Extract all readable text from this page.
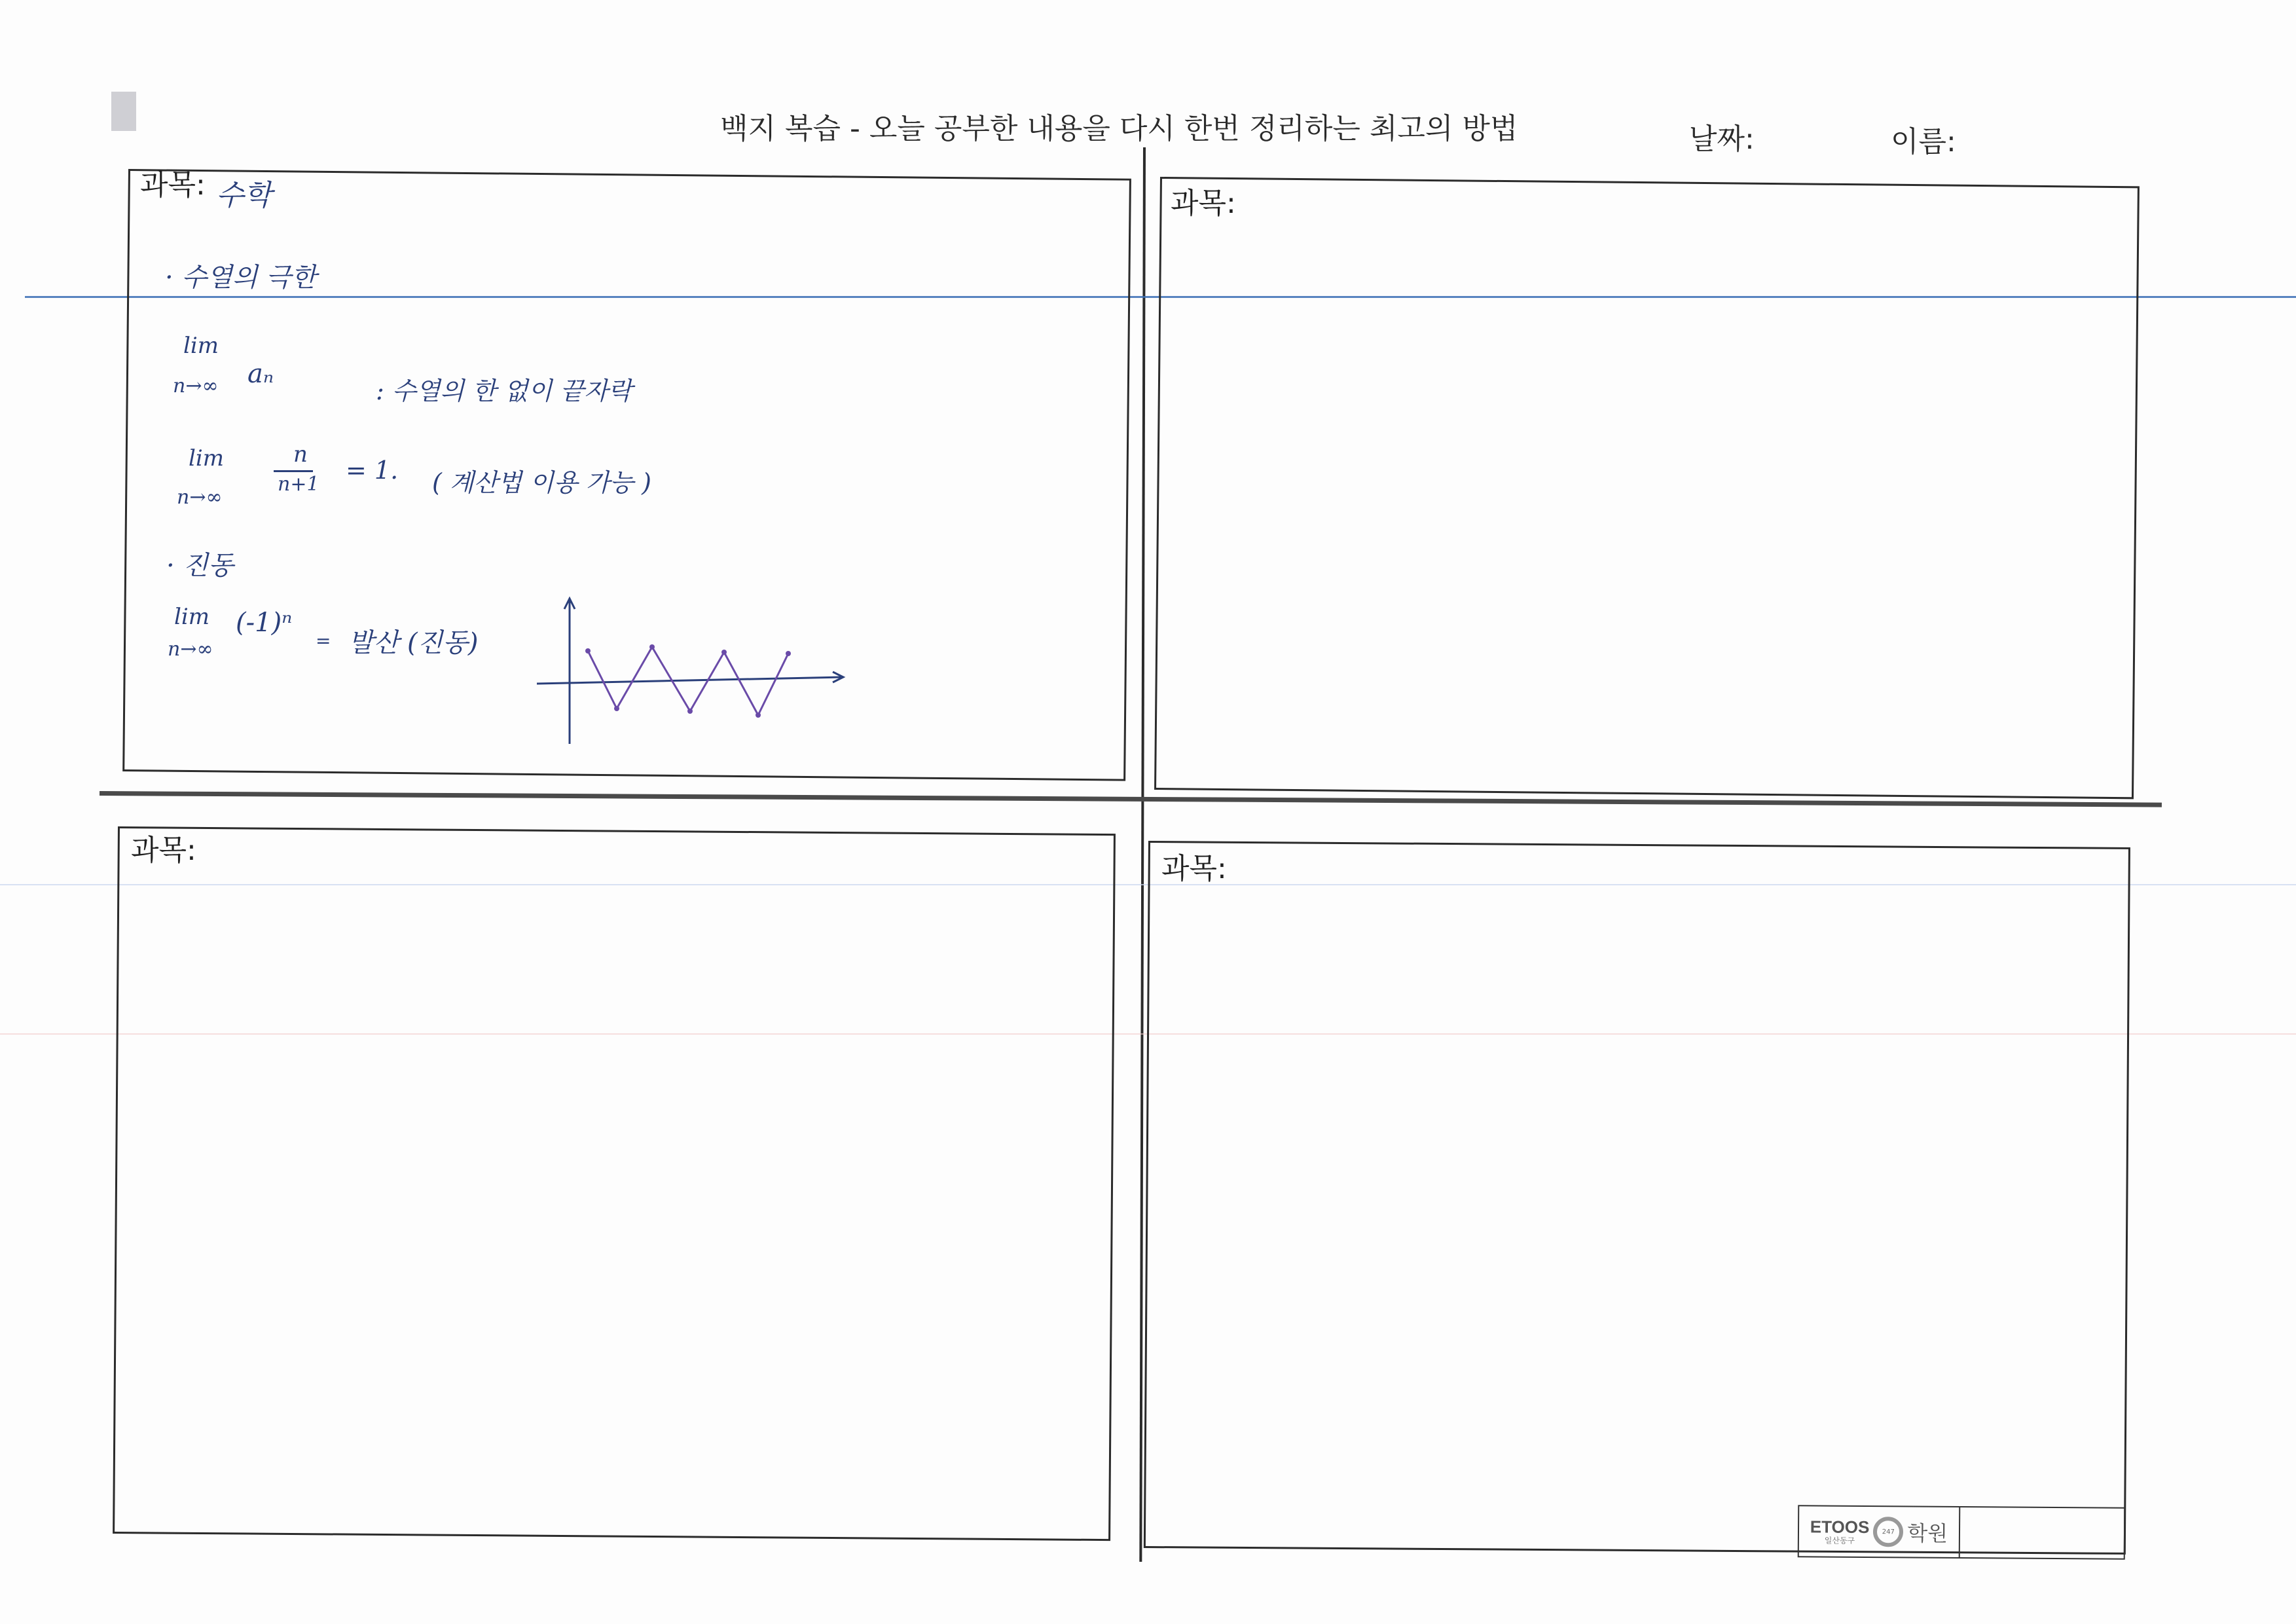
백지 복습 - 오늘 공부한 내용을 다시 한번 정리하는 최고의 방법	날짜:	이름:
과목: 수학
· 수열의 극한
lim
n→∞ aₙ
: 수열의 한 없이 끝자락
lim
n→∞
n
n+1 = 1. ( 계산법 이용 가능 )
· 진동
lim
n→∞
(-1)ⁿ
= 발산 (진동)
과목:
과목:
과목:
ETOOS
일산동구
247 학원
